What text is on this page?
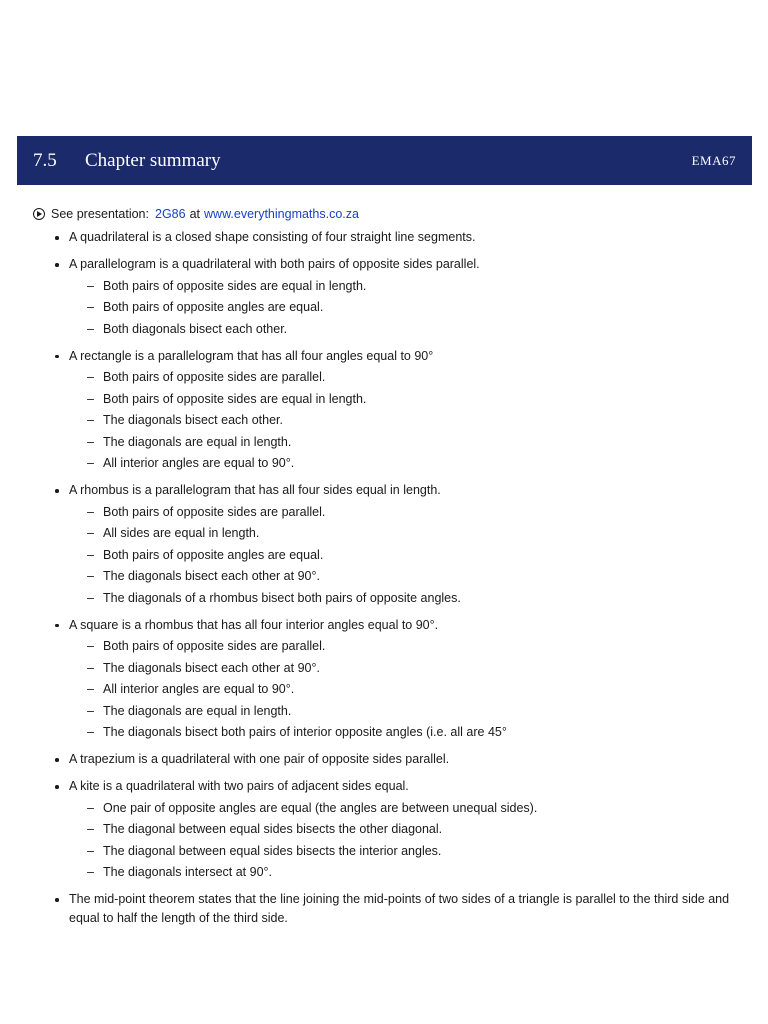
7.5	Chapter summary	EMA67
See presentation: 2G86 at www.everythingmaths.co.za
A quadrilateral is a closed shape consisting of four straight line segments.
A parallelogram is a quadrilateral with both pairs of opposite sides parallel.
– Both pairs of opposite sides are equal in length.
– Both pairs of opposite angles are equal.
– Both diagonals bisect each other.
A rectangle is a parallelogram that has all four angles equal to 90°
– Both pairs of opposite sides are parallel.
– Both pairs of opposite sides are equal in length.
– The diagonals bisect each other.
– The diagonals are equal in length.
– All interior angles are equal to 90°.
A rhombus is a parallelogram that has all four sides equal in length.
– Both pairs of opposite sides are parallel.
– All sides are equal in length.
– Both pairs of opposite angles are equal.
– The diagonals bisect each other at 90°.
– The diagonals of a rhombus bisect both pairs of opposite angles.
A square is a rhombus that has all four interior angles equal to 90°.
– Both pairs of opposite sides are parallel.
– The diagonals bisect each other at 90°.
– All interior angles are equal to 90°.
– The diagonals are equal in length.
– The diagonals bisect both pairs of interior opposite angles (i.e. all are 45°
A trapezium is a quadrilateral with one pair of opposite sides parallel.
A kite is a quadrilateral with two pairs of adjacent sides equal.
– One pair of opposite angles are equal (the angles are between unequal sides).
– The diagonal between equal sides bisects the other diagonal.
– The diagonal between equal sides bisects the interior angles.
– The diagonals intersect at 90°.
The mid-point theorem states that the line joining the mid-points of two sides of a triangle is parallel to the third side and equal to half the length of the third side.
